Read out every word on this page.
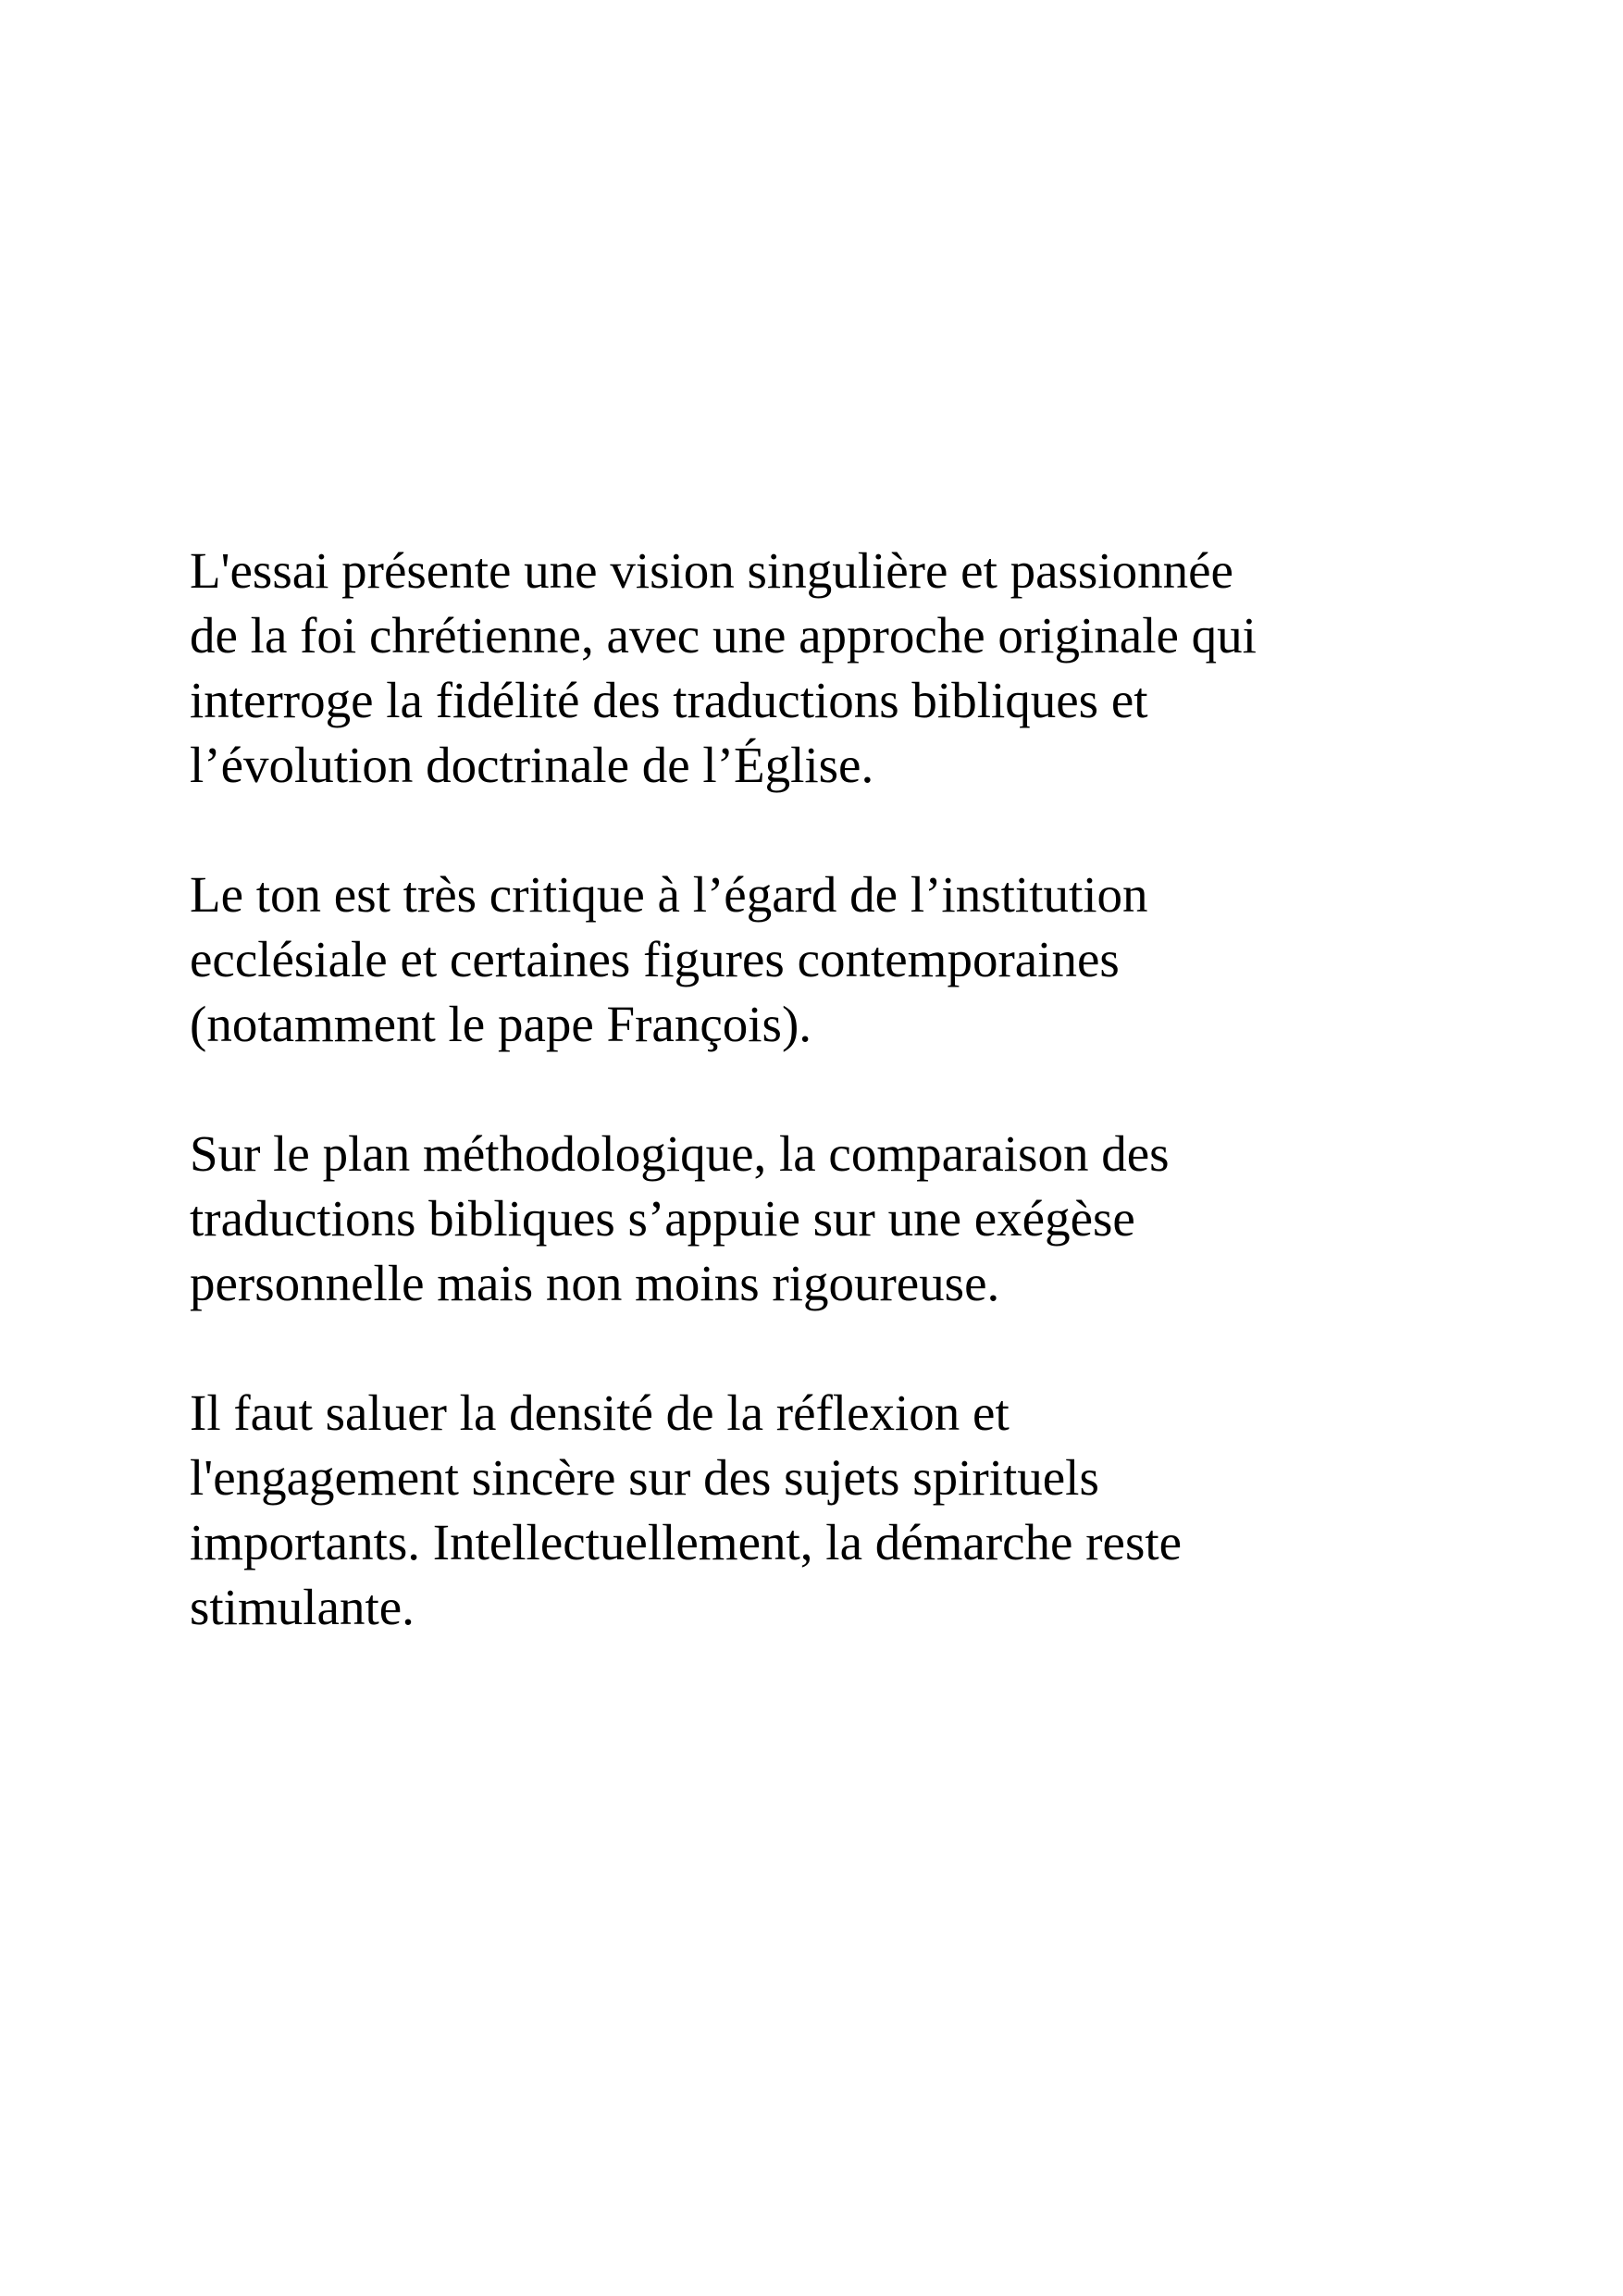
L'essai présente une vision singulière et passionnée
de la foi chrétienne, avec une approche originale qui
interroge la fidélité des traductions bibliques et
l’évolution doctrinale de l’Église.

Le ton est très critique à l’égard de l’institution
ecclésiale et certaines figures contemporaines
(notamment le pape François).

Sur le plan méthodologique, la comparaison des
traductions bibliques s’appuie sur une exégèse
personnelle mais non moins rigoureuse.

Il faut saluer la densité de la réflexion et
l'engagement sincère sur des sujets spirituels
importants. Intellectuellement, la démarche reste
stimulante.
